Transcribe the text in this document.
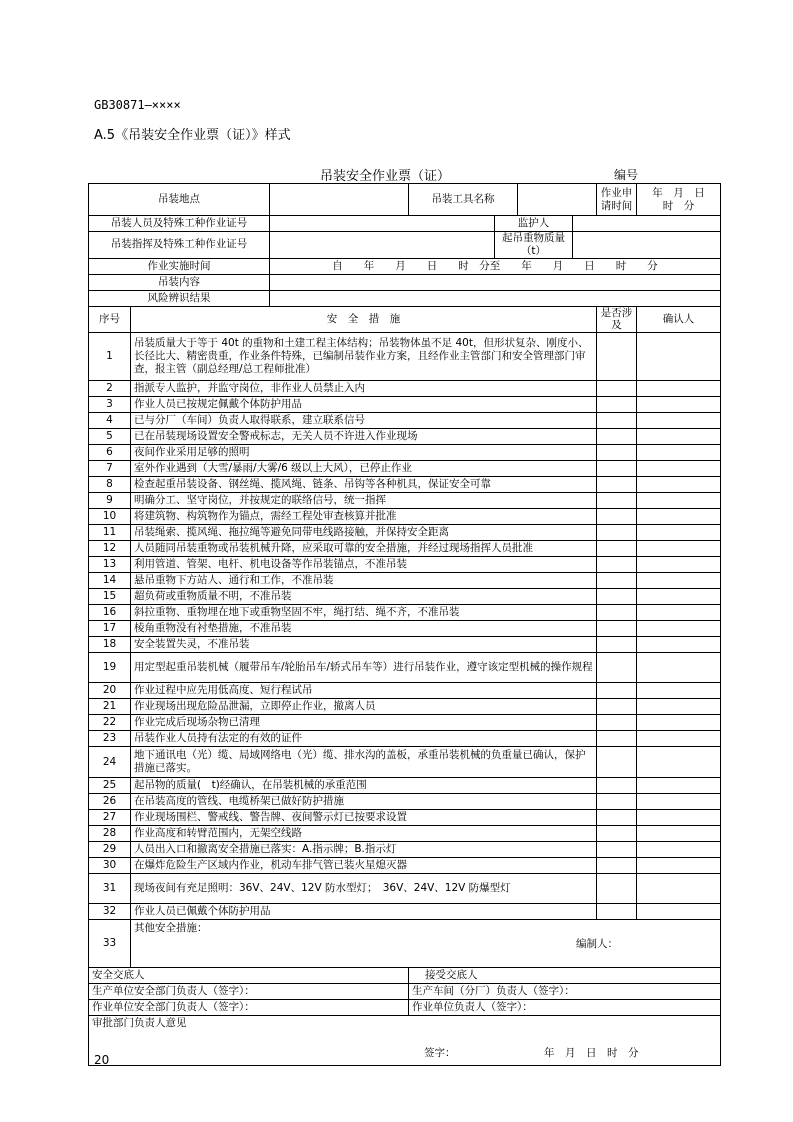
GB30871—××××
A.5《吊装安全作业票（证）》样式
吊装安全作业票（证）	编号
吊装地点			吊装工具名称				作业申请时间	年　月　日
时　分

吊装人员及特殊工种作业证号				监护人				
吊装指挥及特殊工种作业证号				起吊重物质量（t）				
作业实施时间		自　　年　　月　　日　　时　分至　　年　　月　　日　　时　　分						
吊装内容								
风险辨识结果								
序号	安　全　措　施						是否涉及	确认人
1	吊装质量大于等于 40t 的重物和土建工程主体结构；吊装物体虽不足 40t，但形状复杂、刚度小、长径比大、精密贵重，作业条件特殊，已编制吊装作业方案，且经作业主管部门和安全管理部门审查，报主管（副总经理/总工程师批准）							
2	指派专人监护，并监守岗位，非作业人员禁止入内							
3	作业人员已按规定佩戴个体防护用品							
4	已与分厂（车间）负责人取得联系，建立联系信号							
5	已在吊装现场设置安全警戒标志，无关人员不许进入作业现场							
6	夜间作业采用足够的照明							
7	室外作业遇到（大雪/暴雨/大雾/6 级以上大风），已停止作业							
8	检查起重吊装设备、钢丝绳、揽风绳、链条、吊钩等各种机具，保证安全可靠							
9	明确分工、坚守岗位，并按规定的联络信号，统一指挥							
10	将建筑物、构筑物作为锚点，需经工程处审查核算并批准							
11	吊装绳索、揽风绳、拖拉绳等避免同带电线路接触，并保持安全距离							
12	人员随同吊装重物或吊装机械升降，应采取可靠的安全措施，并经过现场指挥人员批准							
13	利用管道、管架、电杆、机电设备等作吊装锚点，不准吊装							
14	悬吊重物下方站人、通行和工作，不准吊装							
15	超负荷或重物质量不明，不准吊装							
16	斜拉重物、重物埋在地下或重物坚固不牢，绳打结、绳不齐，不准吊装							
17	棱角重物没有衬垫措施，不准吊装							
18	安全装置失灵，不准吊装							
19	用定型起重吊装机械（履带吊车/轮胎吊车/轿式吊车等）进行吊装作业，遵守该定型机械的操作规程							
20	作业过程中应先用低高度、短行程试吊							
21	作业现场出现危险品泄漏，立即停止作业，撤离人员							
22	作业完成后现场杂物已清理							
23	吊装作业人员持有法定的有效的证件							
24	地下通讯电（光）缆、局域网络电（光）缆、排水沟的盖板，承重吊装机械的负重量已确认，保护措施已落实。							
25	起吊物的质量(　t)经确认，在吊装机械的承重范围							
26	在吊装高度的管线、电缆桥架已做好防护措施							
27	作业现场围栏、警戒线、警告牌、夜间警示灯已按要求设置							
28	作业高度和转臂范围内，无架空线路							
29	人员出入口和撤离安全措施已落实：A.指示牌；B.指示灯							
30	在爆炸危险生产区域内作业，机动车排气管已装火星熄灭器							
31	现场夜间有充足照明：36V、24V、12V 防水型灯；　36V、24V、12V 防爆型灯							
32	作业人员已佩戴个体防护用品							
33	其他安全措施：
编制人：							

安全交底人			接受交底人					
生产单位安全部门负责人（签字）：			生产车间（分厂）负责人（签字）：					
作业单位安全部门负责人（签字）：			作业单位负责人（签字）：					
审批部门负责人意见
签字： 年　月　日　时　分								
20
